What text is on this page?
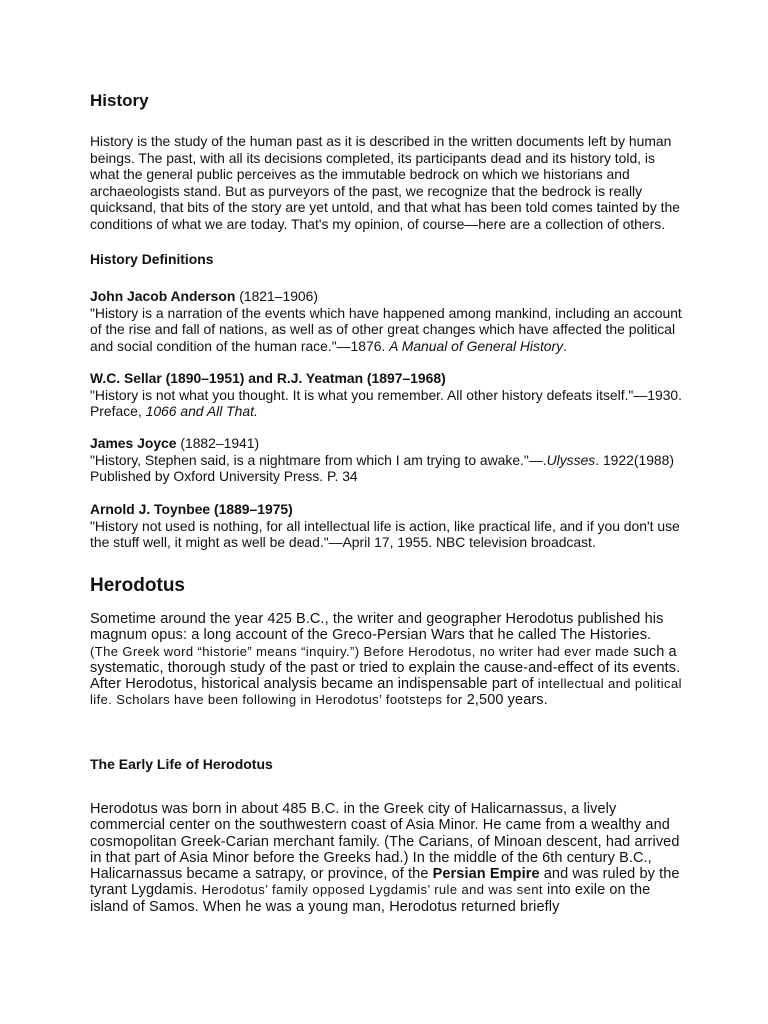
History

History is the study of the human past as it is described in the written documents left by human beings. The past, with all its decisions completed, its participants dead and its history told, is what the general public perceives as the immutable bedrock on which we historians and archaeologists stand. But as purveyors of the past, we recognize that the bedrock is really quicksand, that bits of the story are yet untold, and that what has been told comes tainted by the conditions of what we are today. That's my opinion, of course—here are a collection of others.

History Definitions

John Jacob Anderson (1821–1906)
"History is a narration of the events which have happened among mankind, including an account of the rise and fall of nations, as well as of other great changes which have affected the political and social condition of the human race."—1876. A Manual of General History.

W.C. Sellar (1890–1951) and R.J. Yeatman (1897–1968)
"History is not what you thought. It is what you remember. All other history defeats itself."—1930. Preface, 1066 and All That.

James Joyce (1882–1941)
"History, Stephen said, is a nightmare from which I am trying to awake."—.Ulysses. 1922(1988) Published by Oxford University Press. P. 34

Arnold J. Toynbee (1889–1975)
"History not used is nothing, for all intellectual life is action, like practical life, and if you don't use the stuff well, it might as well be dead."—April 17, 1955. NBC television broadcast.

Herodotus

Sometime around the year 425 B.C., the writer and geographer Herodotus published his magnum opus: a long account of the Greco-Persian Wars that he called The Histories. (The Greek word “historie” means “inquiry.”) Before Herodotus, no writer had ever made such a systematic, thorough study of the past or tried to explain the cause-and-effect of its events. After Herodotus, historical analysis became an indispensable part of intellectual and political life. Scholars have been following in Herodotus’ footsteps for 2,500 years.

The Early Life of Herodotus

Herodotus was born in about 485 B.C. in the Greek city of Halicarnassus, a lively commercial center on the southwestern coast of Asia Minor. He came from a wealthy and cosmopolitan Greek-Carian merchant family. (The Carians, of Minoan descent, had arrived in that part of Asia Minor before the Greeks had.) In the middle of the 6th century B.C., Halicarnassus became a satrapy, or province, of the Persian Empire and was ruled by the tyrant Lygdamis. Herodotus’ family opposed Lygdamis’ rule and was sent into exile on the island of Samos. When he was a young man, Herodotus returned briefly
